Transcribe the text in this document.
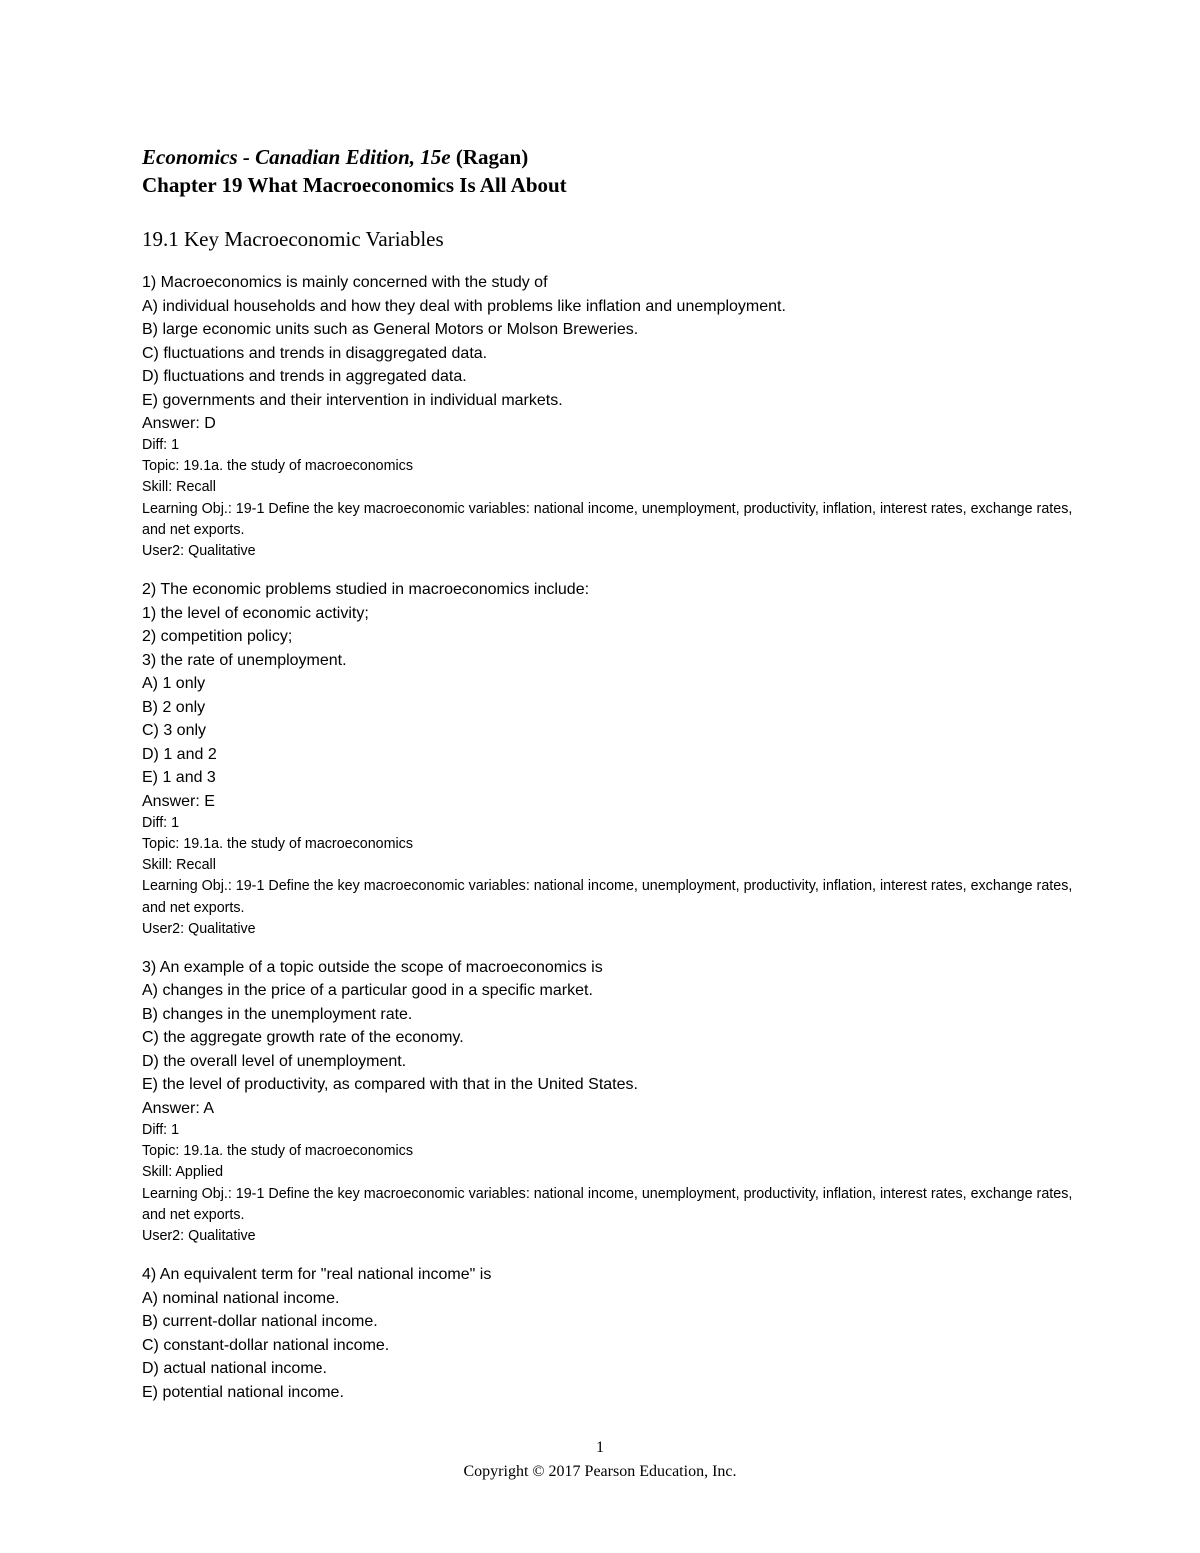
Economics - Canadian Edition, 15e (Ragan)
Chapter 19 What Macroeconomics Is All About
19.1 Key Macroeconomic Variables
1) Macroeconomics is mainly concerned with the study of
A) individual households and how they deal with problems like inflation and unemployment.
B) large economic units such as General Motors or Molson Breweries.
C) fluctuations and trends in disaggregated data.
D) fluctuations and trends in aggregated data.
E) governments and their intervention in individual markets.
Answer: D
Diff: 1
Topic: 19.1a. the study of macroeconomics
Skill: Recall
Learning Obj.: 19-1 Define the key macroeconomic variables: national income, unemployment, productivity, inflation, interest rates, exchange rates, and net exports.
User2: Qualitative
2) The economic problems studied in macroeconomics include:
1) the level of economic activity;
2) competition policy;
3) the rate of unemployment.
A) 1 only
B) 2 only
C) 3 only
D) 1 and 2
E) 1 and 3
Answer: E
Diff: 1
Topic: 19.1a. the study of macroeconomics
Skill: Recall
Learning Obj.: 19-1 Define the key macroeconomic variables: national income, unemployment, productivity, inflation, interest rates, exchange rates, and net exports.
User2: Qualitative
3) An example of a topic outside the scope of macroeconomics is
A) changes in the price of a particular good in a specific market.
B) changes in the unemployment rate.
C) the aggregate growth rate of the economy.
D) the overall level of unemployment.
E) the level of productivity, as compared with that in the United States.
Answer: A
Diff: 1
Topic: 19.1a. the study of macroeconomics
Skill: Applied
Learning Obj.: 19-1 Define the key macroeconomic variables: national income, unemployment, productivity, inflation, interest rates, exchange rates, and net exports.
User2: Qualitative
4) An equivalent term for "real national income" is
A) nominal national income.
B) current-dollar national income.
C) constant-dollar national income.
D) actual national income.
E) potential national income.
1
Copyright © 2017 Pearson Education, Inc.
